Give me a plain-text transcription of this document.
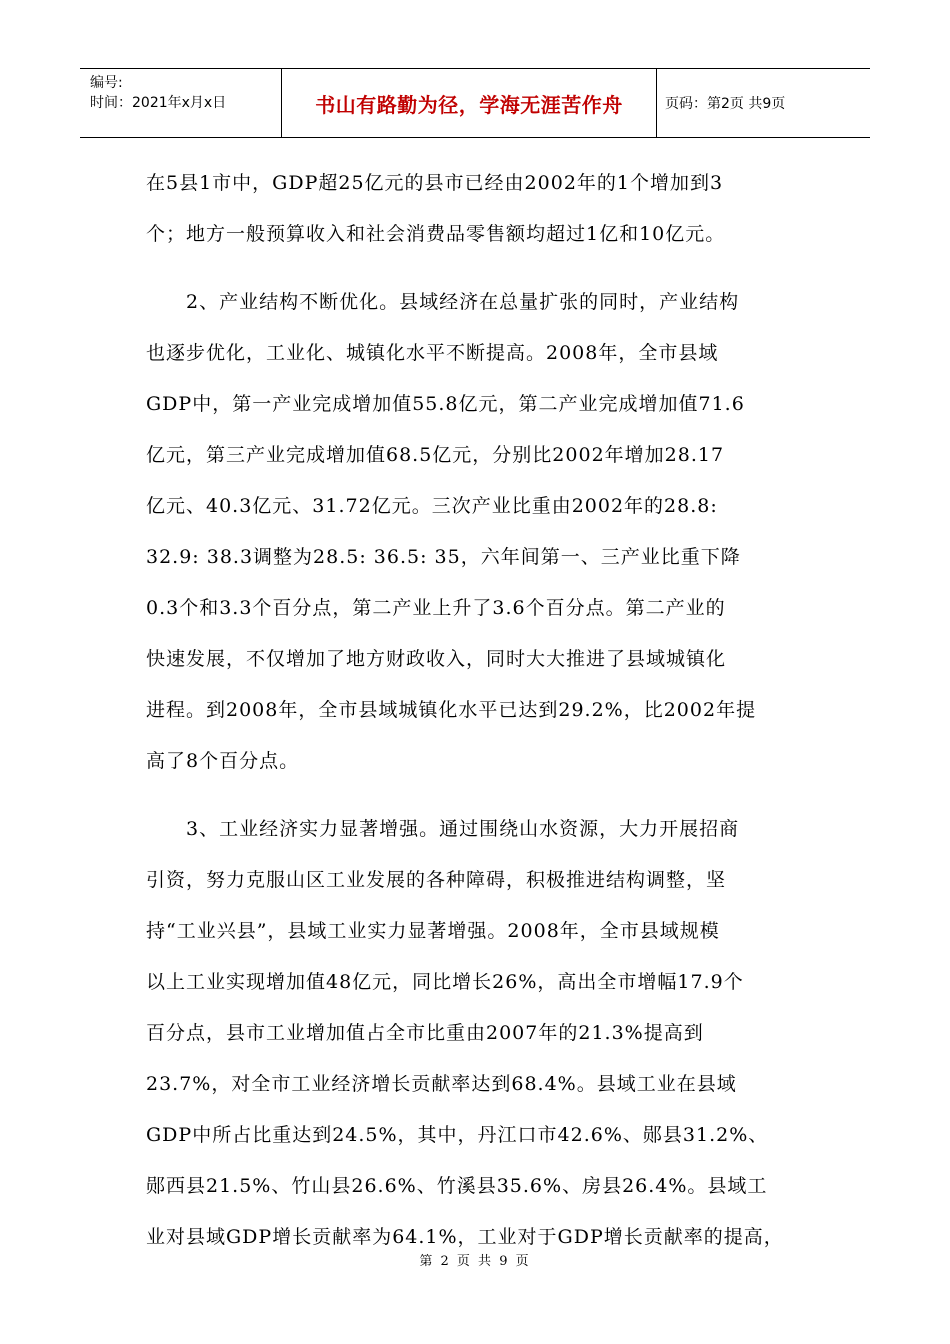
编号:
时间：2021年x月x日	书山有路勤为径，学海无涯苦作舟	页码：第2页 共9页

在5县1市中，GDP超25亿元的县市已经由2002年的1个增加到3
个；地方一般预算收入和社会消费品零售额均超过1亿和10亿元。

2、产业结构不断优化。县域经济在总量扩张的同时，产业结构
也逐步优化，工业化、城镇化水平不断提高。2008年，全市县域
GDP中，第一产业完成增加值55.8亿元，第二产业完成增加值71.6
亿元，第三产业完成增加值68.5亿元，分别比2002年增加28.17
亿元、40.3亿元、31.72亿元。三次产业比重由2002年的28.8:
32.9: 38.3调整为28.5: 36.5: 35，六年间第一、三产业比重下降
0.3个和3.3个百分点，第二产业上升了3.6个百分点。第二产业的
快速发展，不仅增加了地方财政收入，同时大大推进了县域城镇化
进程。到2008年，全市县域城镇化水平已达到29.2%，比2002年提
高了8个百分点。

3、工业经济实力显著增强。通过围绕山水资源，大力开展招商
引资，努力克服山区工业发展的各种障碍，积极推进结构调整，坚
持“工业兴县”，县域工业实力显著增强。2008年，全市县域规模
以上工业实现增加值48亿元，同比增长26%，高出全市增幅17.9个
百分点，县市工业增加值占全市比重由2007年的21.3%提高到
23.7%，对全市工业经济增长贡献率达到68.4%。县域工业在县域
GDP中所占比重达到24.5%，其中，丹江口市42.6%、郧县31.2%、
郧西县21.5%、竹山县26.6%、竹溪县35.6%、房县26.4%。县域工
业对县域GDP增长贡献率为64.1%，工业对于GDP增长贡献率的提高，

第 2 页 共 9 页
